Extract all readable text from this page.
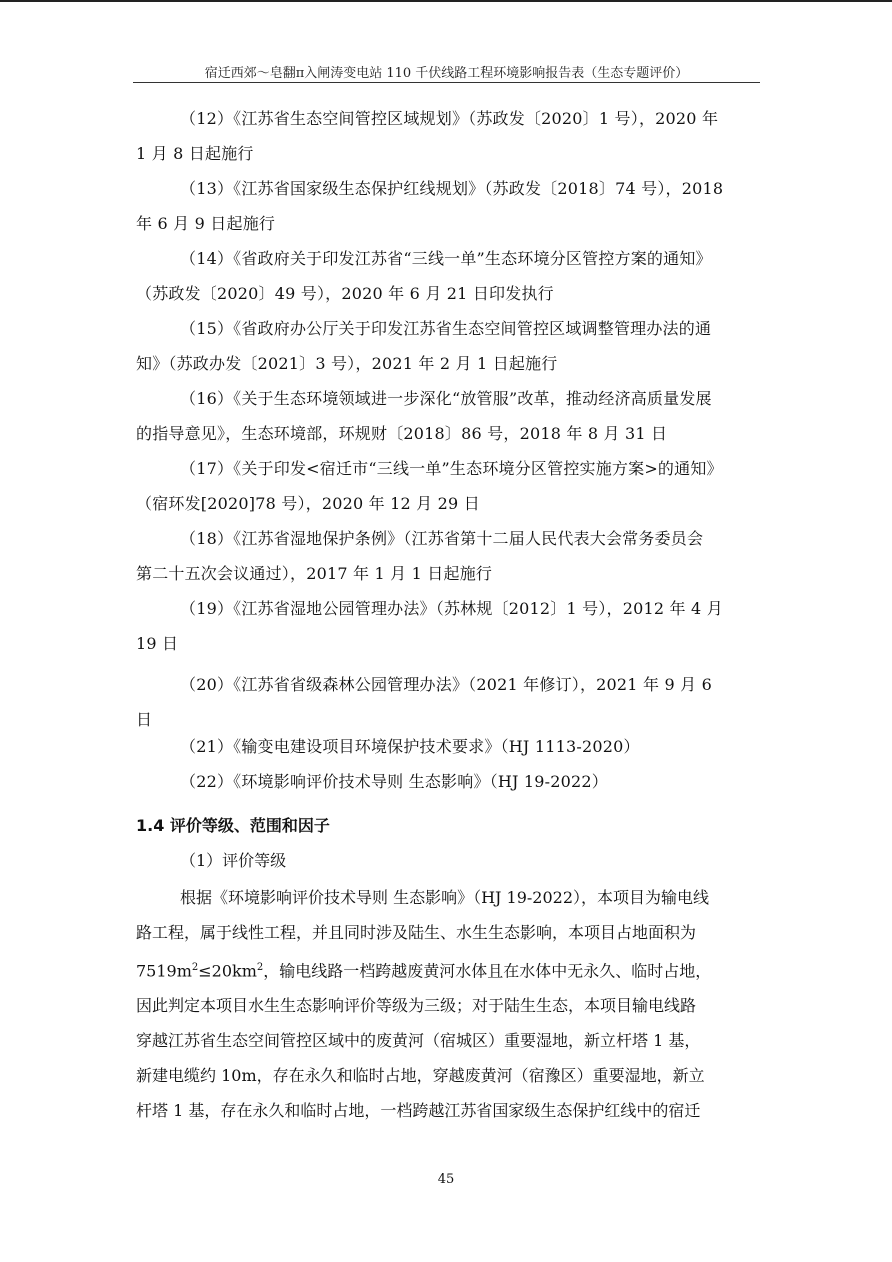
宿迁西郊～皂翻π入闸涛变电站 110 千伏线路工程环境影响报告表（生态专题评价）

（12）《江苏省生态空间管控区域规划》（苏政发〔2020〕1 号），2020 年
1 月 8 日起施行

（13）《江苏省国家级生态保护红线规划》（苏政发〔2018〕74 号），2018
年 6 月 9 日起施行

（14）《省政府关于印发江苏省“三线一单”生态环境分区管控方案的通知》
（苏政发〔2020〕49 号），2020 年 6 月 21 日印发执行

（15）《省政府办公厅关于印发江苏省生态空间管控区域调整管理办法的通
知》（苏政办发〔2021〕3 号），2021 年 2 月 1 日起施行

（16）《关于生态环境领域进一步深化“放管服”改革，推动经济高质量发展
的指导意见》，生态环境部，环规财〔2018〕86 号，2018 年 8 月 31 日

（17）《关于印发<宿迁市“三线一单”生态环境分区管控实施方案>的通知》
（宿环发[2020]78 号），2020 年 12 月 29 日

（18）《江苏省湿地保护条例》（江苏省第十二届人民代表大会常务委员会
第二十五次会议通过），2017 年 1 月 1 日起施行

（19）《江苏省湿地公园管理办法》（苏林规〔2012〕1 号），2012 年 4 月
19 日

（20）《江苏省省级森林公园管理办法》（2021 年修订），2021 年 9 月 6
日

（21）《输变电建设项目环境保护技术要求》（HJ 1113-2020）

（22）《环境影响评价技术导则 生态影响》（HJ 19-2022）

1.4 评价等级、范围和因子
（1）评价等级
根据《环境影响评价技术导则 生态影响》（HJ 19-2022），本项目为输电线
路工程，属于线性工程，并且同时涉及陆生、水生生态影响，本项目占地面积为
$7519m^2\le 20km^2$，输电线路一档跨越废黄河水体且在水体中无永久、临时占地，
因此判定本项目水生生态影响评价等级为三级；对于陆生生态，本项目输电线路
穿越江苏省生态空间管控区域中的废黄河（宿城区）重要湿地，新立杆塔 1 基，
新建电缆约 10m，存在永久和临时占地，穿越废黄河（宿豫区）重要湿地，新立
杆塔 1 基，存在永久和临时占地，一档跨越江苏省国家级生态保护红线中的宿迁
45
